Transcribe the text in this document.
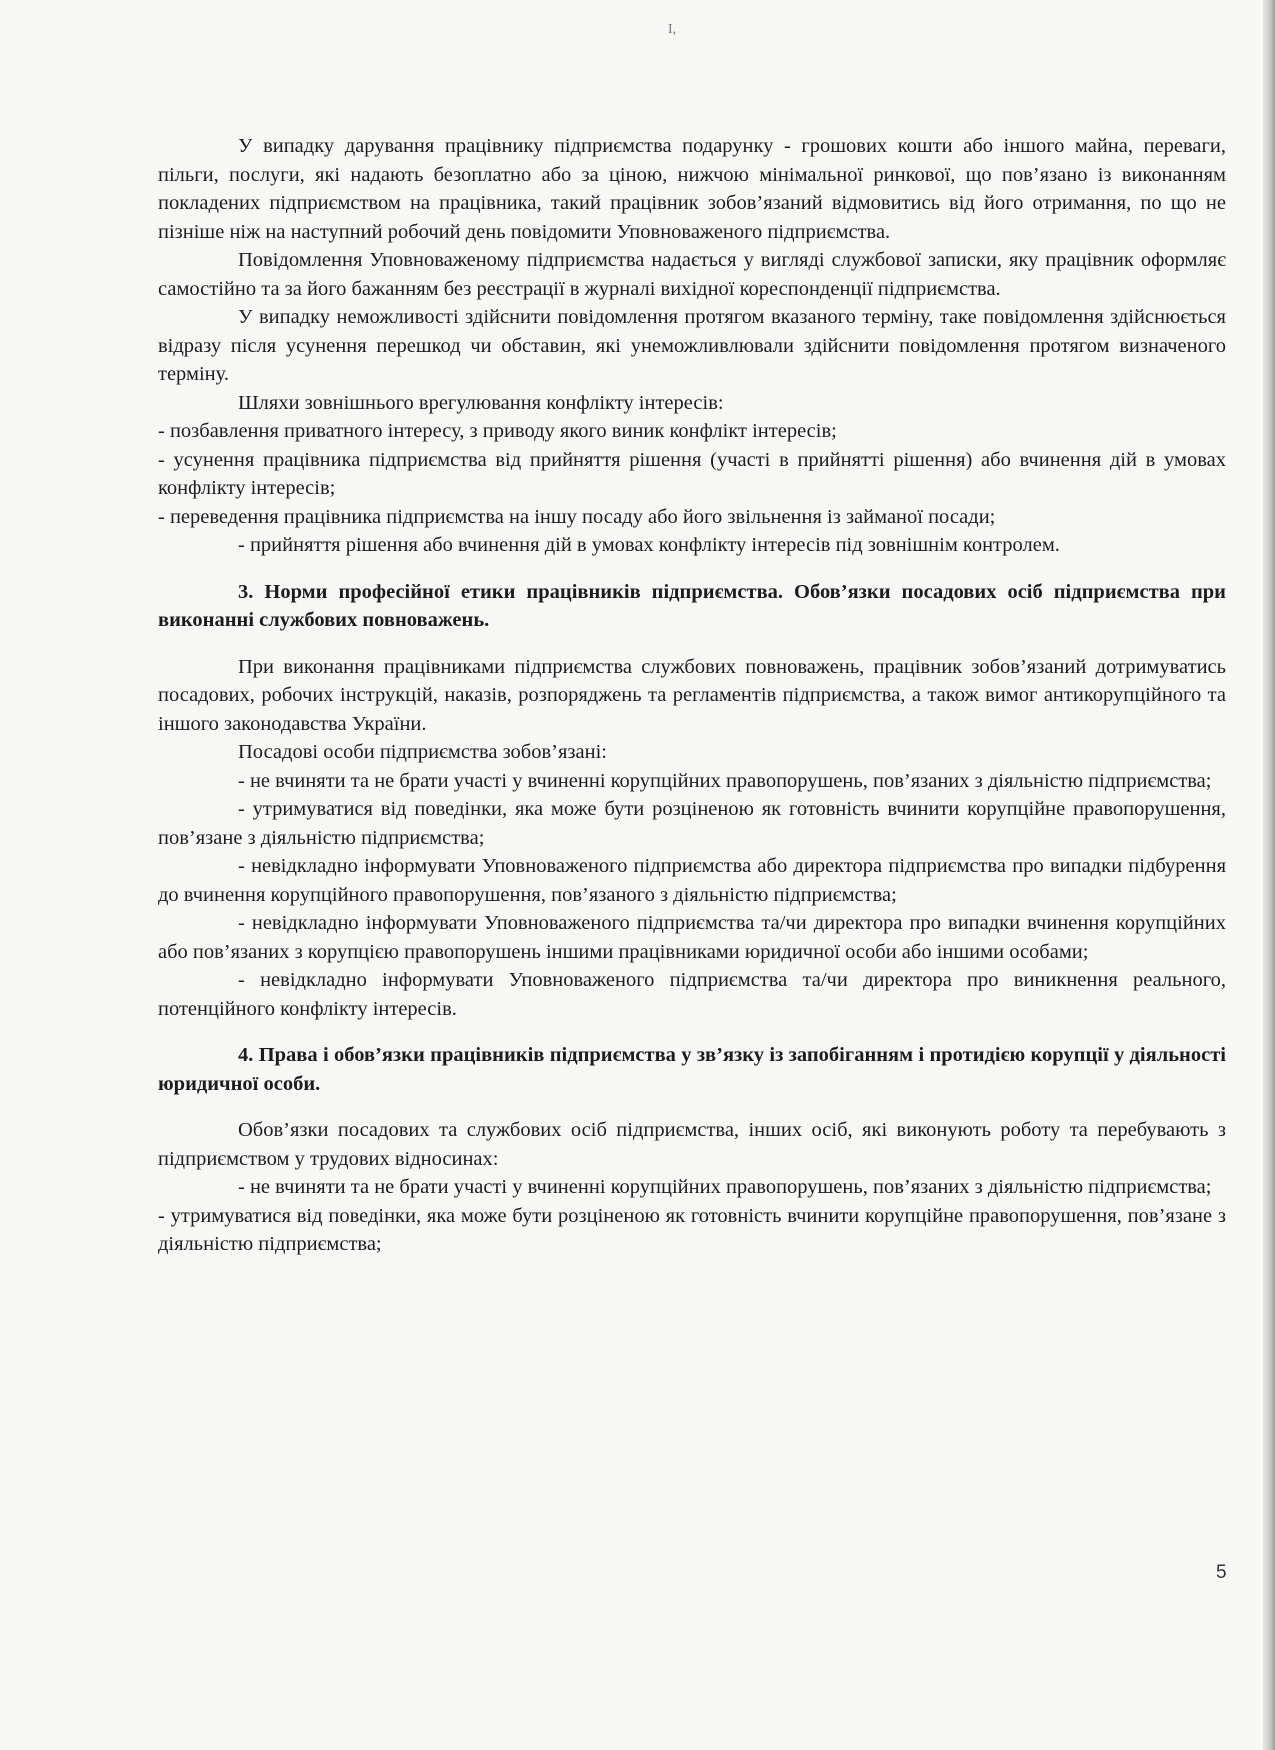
I,

У випадку дарування працівнику підприємства подарунку - грошових кошти або іншого майна, переваги, пільги, послуги, які надають безоплатно або за ціною, нижчою мінімальної ринкової, що пов’язано із виконанням покладених підприємством на працівника, такий працівник зобов’язаний відмовитись від його отримання, по що не пізніше ніж на наступний робочий день повідомити Уповноваженого підприємства.

Повідомлення Уповноваженому підприємства надається у вигляді службової записки, яку працівник оформляє самостійно та за його бажанням без реєстрації в журналі вихідної кореспонденції підприємства.

У випадку неможливості здійснити повідомлення протягом вказаного терміну, таке повідомлення здійснюється відразу після усунення перешкод чи обставин, які унеможливлювали здійснити повідомлення протягом визначеного терміну.

Шляхи зовнішнього врегулювання конфлікту інтересів:

- позбавлення приватного інтересу, з приводу якого виник конфлікт інтересів;

- усунення працівника підприємства від прийняття рішення (участі в прийнятті рішення) або вчинення дій в умовах конфлікту інтересів;

- переведення працівника підприємства на іншу посаду або його звільнення із займаної посади;

- прийняття рішення або вчинення дій в умовах конфлікту інтересів під зовнішнім контролем.

3. Норми професійної етики працівників підприємства. Обов’язки посадових осіб підприємства при виконанні службових повноважень.

При виконання працівниками підприємства службових повноважень, працівник зобов’язаний дотримуватись посадових, робочих інструкцій, наказів, розпоряджень та регламентів підприємства, а також вимог антикорупційного та іншого законодавства України.

Посадові особи підприємства зобов’язані:

- не вчиняти та не брати участі у вчиненні корупційних правопорушень, пов’язаних з діяльністю підприємства;

- утримуватися від поведінки, яка може бути розціненою як готовність вчинити корупційне правопорушення, пов’язане з діяльністю підприємства;

- невідкладно інформувати Уповноваженого підприємства або директора підприємства про випадки підбурення до вчинення корупційного правопорушення, пов’язаного з діяльністю підприємства;

- невідкладно інформувати Уповноваженого підприємства та/чи директора про випадки вчинення корупційних або пов’язаних з корупцією правопорушень іншими працівниками юридичної особи або іншими особами;

- невідкладно інформувати Уповноваженого підприємства та/чи директора про виникнення реального, потенційного конфлікту інтересів.

4. Права і обов’язки працівників підприємства у зв’язку із запобіганням і протидією корупції у діяльності юридичної особи.

Обов’язки посадових та службових осіб підприємства, інших осіб, які виконують роботу та перебувають з підприємством у трудових відносинах:

- не вчиняти та не брати участі у вчиненні корупційних правопорушень, пов’язаних з діяльністю підприємства;

- утримуватися від поведінки, яка може бути розціненою як готовність вчинити корупційне правопорушення, пов’язане з діяльністю підприємства;

5
